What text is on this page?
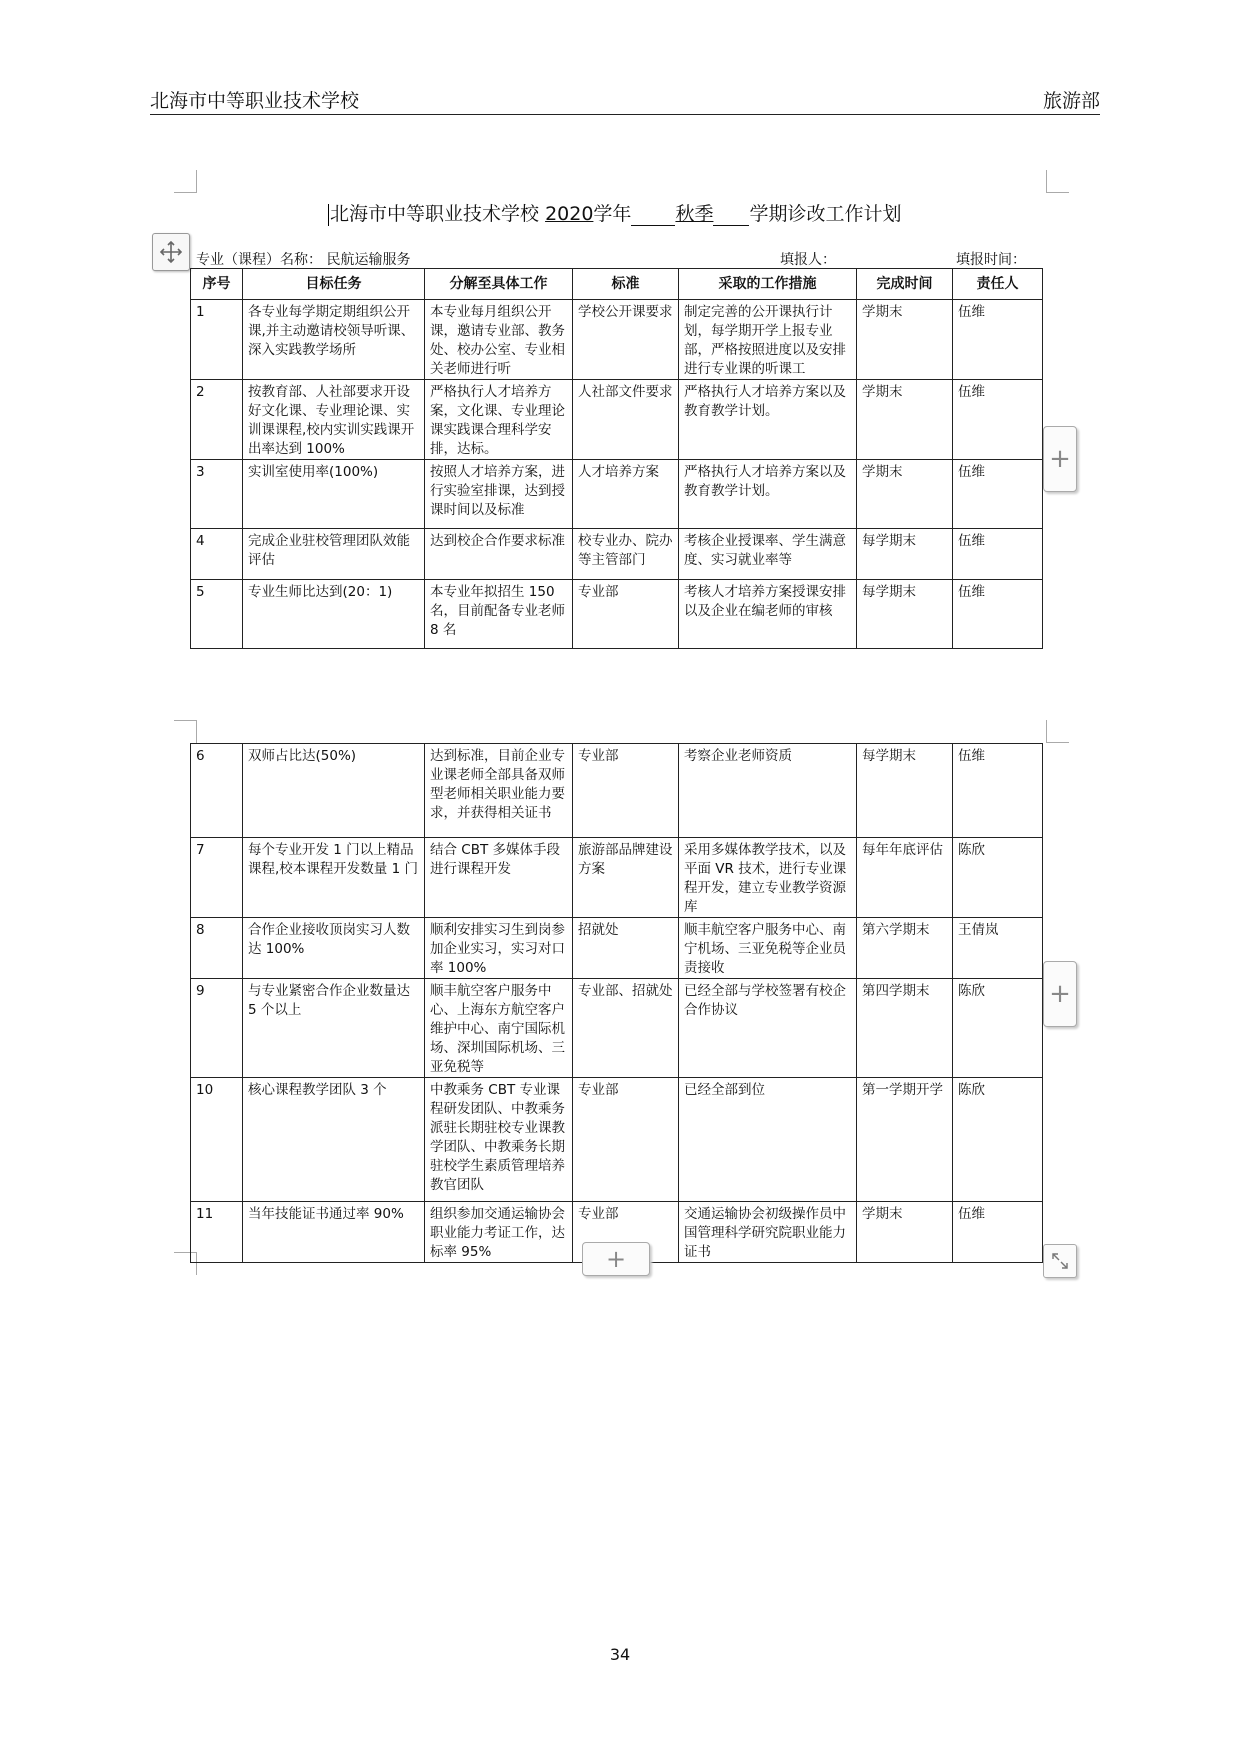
北海市中等职业技术学校	旅游部
北海市中等职业技术学校 2020学年 秋季 学期诊改工作计划
专业（课程）名称： 民航运输服务	填报人：	填报时间：
序号	目标任务	分解至具体工作	标准	采取的工作措施	完成时间	责任人
1	各专业每学期定期组织公开课,并主动邀请校领导听课、深入实践教学场所	本专业每月组织公开课，邀请专业部、教务处、校办公室、专业相关老师进行听	学校公开课要求	制定完善的公开课执行计划，每学期开学上报专业部，严格按照进度以及安排进行专业课的听课工	学期末	伍维
2	按教育部、人社部要求开设好文化课、专业理论课、实训课课程,校内实训实践课开出率达到 100%	严格执行人才培养方案，文化课、专业理论课实践课合理科学安排，达标。	人社部文件要求	严格执行人才培养方案以及教育教学计划。	学期末	伍维
3	实训室使用率(100%)	按照人才培养方案，进行实验室排课，达到授课时间以及标准	人才培养方案	严格执行人才培养方案以及教育教学计划。	学期末	伍维
4	完成企业驻校管理团队效能评估	达到校企合作要求标准	校专业办、院办等主管部门	考核企业授课率、学生满意度、实习就业率等	每学期末	伍维
5	专业生师比达到(20：1)	本专业年拟招生 150 名，目前配备专业老师 8 名	专业部	考核人才培养方案授课安排以及企业在编老师的审核	每学期末	伍维
6	双师占比达(50%)	达到标准，目前企业专业课老师全部具备双师型老师相关职业能力要求，并获得相关证书	专业部	考察企业老师资质	每学期末	伍维
7	每个专业开发 1 门以上精品课程,校本课程开发数量 1 门	结合 CBT 多媒体手段进行课程开发	旅游部品牌建设方案	采用多媒体教学技术，以及平面 VR 技术，进行专业课程开发，建立专业教学资源库	每年年底评估	陈欣
8	合作企业接收顶岗实习人数达 100%	顺利安排实习生到岗参加企业实习，实习对口率 100%	招就处	顺丰航空客户服务中心、南宁机场、三亚免税等企业员责接收	第六学期末	王倩岚
9	与专业紧密合作企业数量达 5 个以上	顺丰航空客户服务中心、上海东方航空客户维护中心、南宁国际机场、深圳国际机场、三亚免税等	专业部、招就处	已经全部与学校签署有校企合作协议	第四学期末	陈欣
10	核心课程教学团队 3 个	中教乘务 CBT 专业课程研发团队、中教乘务派驻长期驻校专业课教学团队、中教乘务长期驻校学生素质管理培养教官团队	专业部	已经全部到位	第一学期开学	陈欣
11	当年技能证书通过率 90%	组织参加交通运输协会职业能力考证工作，达标率 95%	专业部	交通运输协会初级操作员中国管理科学研究院职业能力证书	学期末	伍维
+
+
+
34
